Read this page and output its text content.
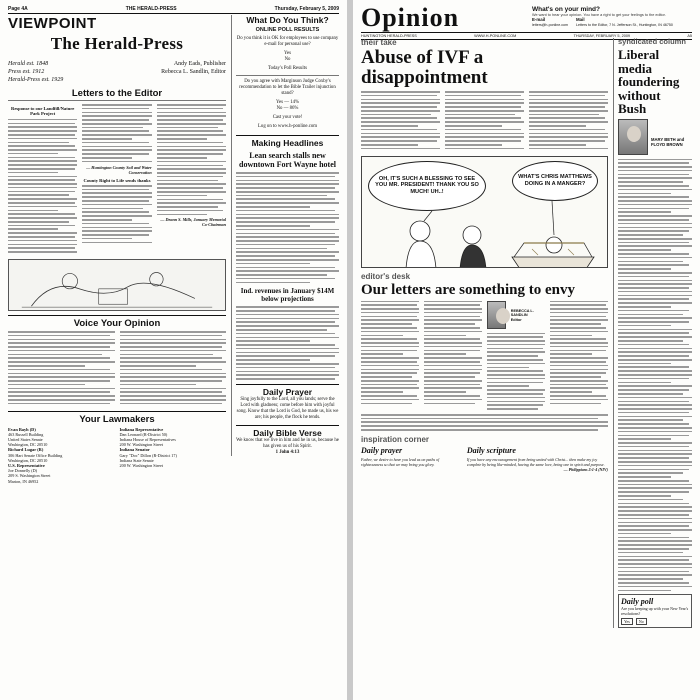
Page 4A	THE HERALD-PRESS	Thursday, February 5, 2009
VIEWPOINT
The Herald-Press
Herald est. 1848
Press est. 1912
Herald-Press est. 1929
Andy Eads, Publisher
Rebecca L. Sandlin, Editor
Letters to the Editor
Response to our Landfill/Nature Park Project
— Huntington County Soil and Water Conservation
County Right to Life sends thanks
— Deann S. Mills, January Memorial Co-Chairman
Voice Your Opinion
Your Lawmakers
Evan Bayh (D)
463 Russell Building
United States Senate
Washington, DC 20510
Richard Lugar (R)
306 Hart Senate Office Building
Washington, DC 20510
U.S. Representative
Joe Donnelly (D)
209 S. Washington Street
Marion, IN 46952
Indiana Representative
Dan Leonard (R-District 50)
Indiana House of Representatives
200 W. Washington Street
Indiana Senator
Gary "Doc" Dillon (R-District 17)
Indiana State Senate
200 W. Washington Street
What Do You Think?
ONLINE POLL RESULTS
Do you think it is OK for employees to use company e-mail for personal use?
Yes
No
Today's Poll Results
Do you agree with Marginson Judge Coxby's recommendation to let the Bible Trailer injunction stand?
Yes — 14%
No — 86%
Cast your vote!
Log on to www.h-ponline.com
Making Headlines
Lean search stalls new downtown Fort Wayne hotel
Ind. revenues in January $14M below projections
Daily Prayer
Sing joyfully to the Lord, all you lands; serve the Lord with gladness; come before him with joyful song. Know that the Lord is God, he made us, his we are; his people, the flock he tends.
Daily Bible Verse
We know that we live in him and he in us, because he has given us of his Spirit.
1 John 4:13
Opinion	What's on your mind?
We want to hear your opinion. You have a right to get your feelings to the editor.
E-mail
letters@h-ponline.com
Mail
Letters to the Editor, 7 N. Jefferson St., Huntington, IN 46750
HUNTINGTON HERALD-PRESS	WWW.H-PONLINE.COM	THURSDAY, FEBRUARY 5, 2009	A5
their take
Abuse of IVF a disappointment
OH, IT'S SUCH A BLESSING TO SEE YOU MR. PRESIDENT! THANK YOU SO MUCH! UH..!
WHAT'S CHRIS MATTHEWS DOING IN A MANGER?
editor's desk
Our letters are something to envy
REBECCA L. SANDLIN
Editor
inspiration corner
Daily prayer
Father, we desire to have you lead us on paths of righteousness so that we may bring you glory.
Daily scripture
If you have any encouragement from being united with Christ... then make my joy complete by being like-minded, having the same love, being one in spirit and purpose.
— Philippians 2:1-4 (NIV)
syndicated column
Liberal media foundering without Bush
MARY BETH and FLOYD BROWN
Daily poll

Are you keeping up with your New Year's resolutions?

Yes	No
